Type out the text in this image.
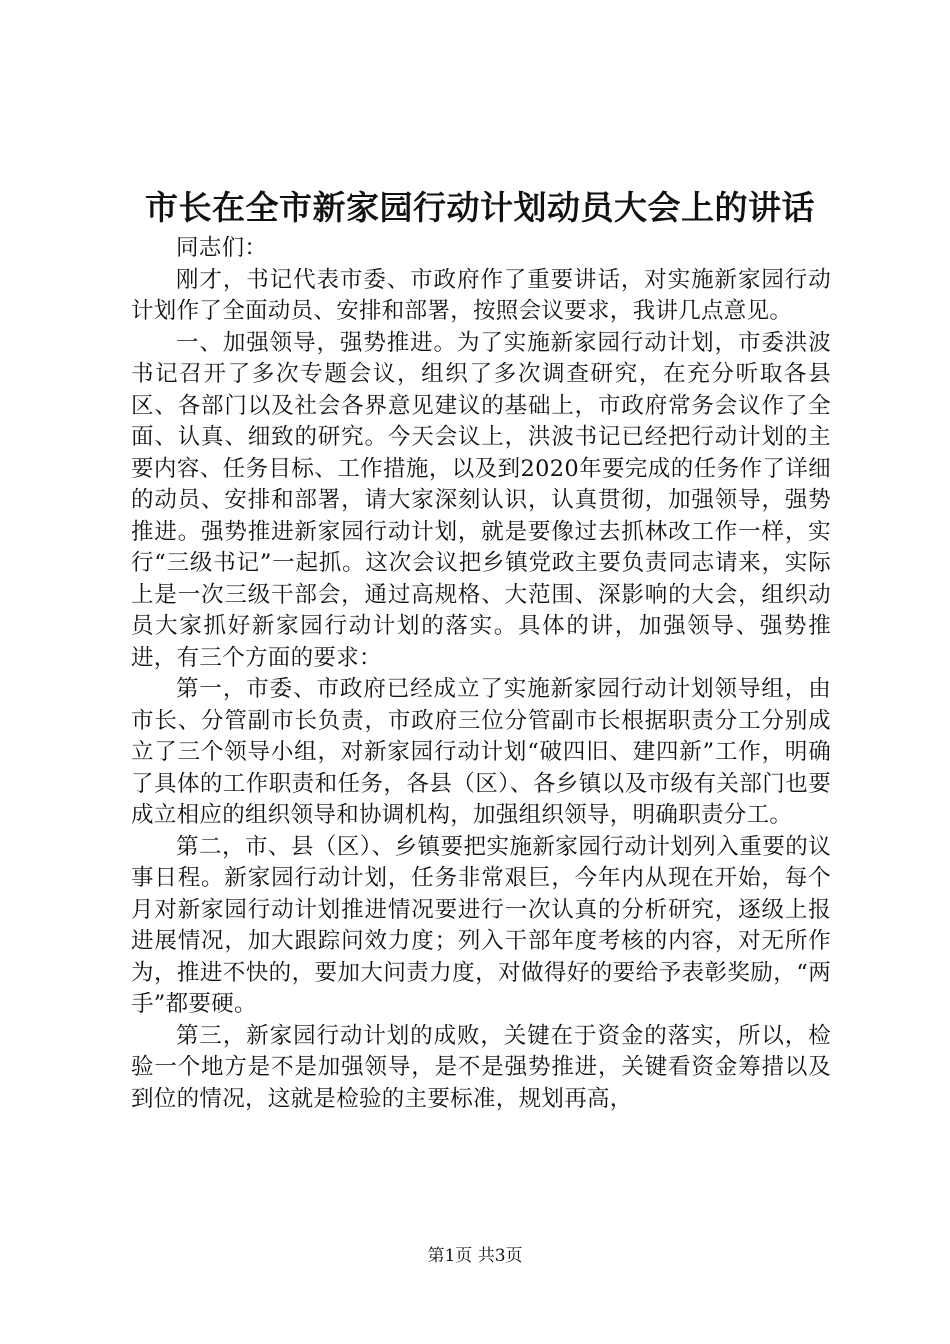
市长在全市新家园行动计划动员大会上的讲话

同志们：

刚才，书记代表市委、市政府作了重要讲话，对实施新家园行动计划作了全面动员、安排和部署，按照会议要求，我讲几点意见。

一、加强领导，强势推进。为了实施新家园行动计划，市委洪波书记召开了多次专题会议，组织了多次调查研究，在充分听取各县区、各部门以及社会各界意见建议的基础上，市政府常务会议作了全面、认真、细致的研究。今天会议上，洪波书记已经把行动计划的主要内容、任务目标、工作措施，以及到2020年要完成的任务作了详细的动员、安排和部署，请大家深刻认识，认真贯彻，加强领导，强势推进。强势推进新家园行动计划，就是要像过去抓林改工作一样，实行“三级书记”一起抓。这次会议把乡镇党政主要负责同志请来，实际上是一次三级干部会，通过高规格、大范围、深影响的大会，组织动员大家抓好新家园行动计划的落实。具体的讲，加强领导、强势推进，有三个方面的要求：

第一，市委、市政府已经成立了实施新家园行动计划领导组，由市长、分管副市长负责，市政府三位分管副市长根据职责分工分别成立了三个领导小组，对新家园行动计划“破四旧、建四新”工作，明确了具体的工作职责和任务，各县（区）、各乡镇以及市级有关部门也要成立相应的组织领导和协调机构，加强组织领导，明确职责分工。

第二，市、县（区）、乡镇要把实施新家园行动计划列入重要的议事日程。新家园行动计划，任务非常艰巨，今年内从现在开始，每个月对新家园行动计划推进情况要进行一次认真的分析研究，逐级上报进展情况，加大跟踪问效力度；列入干部年度考核的内容，对无所作为，推进不快的，要加大问责力度，对做得好的要给予表彰奖励，“两手”都要硬。

第三，新家园行动计划的成败，关键在于资金的落实，所以，检验一个地方是不是加强领导，是不是强势推进，关键看资金筹措以及到位的情况，这就是检验的主要标准，规划再高，

第1页 共3页
